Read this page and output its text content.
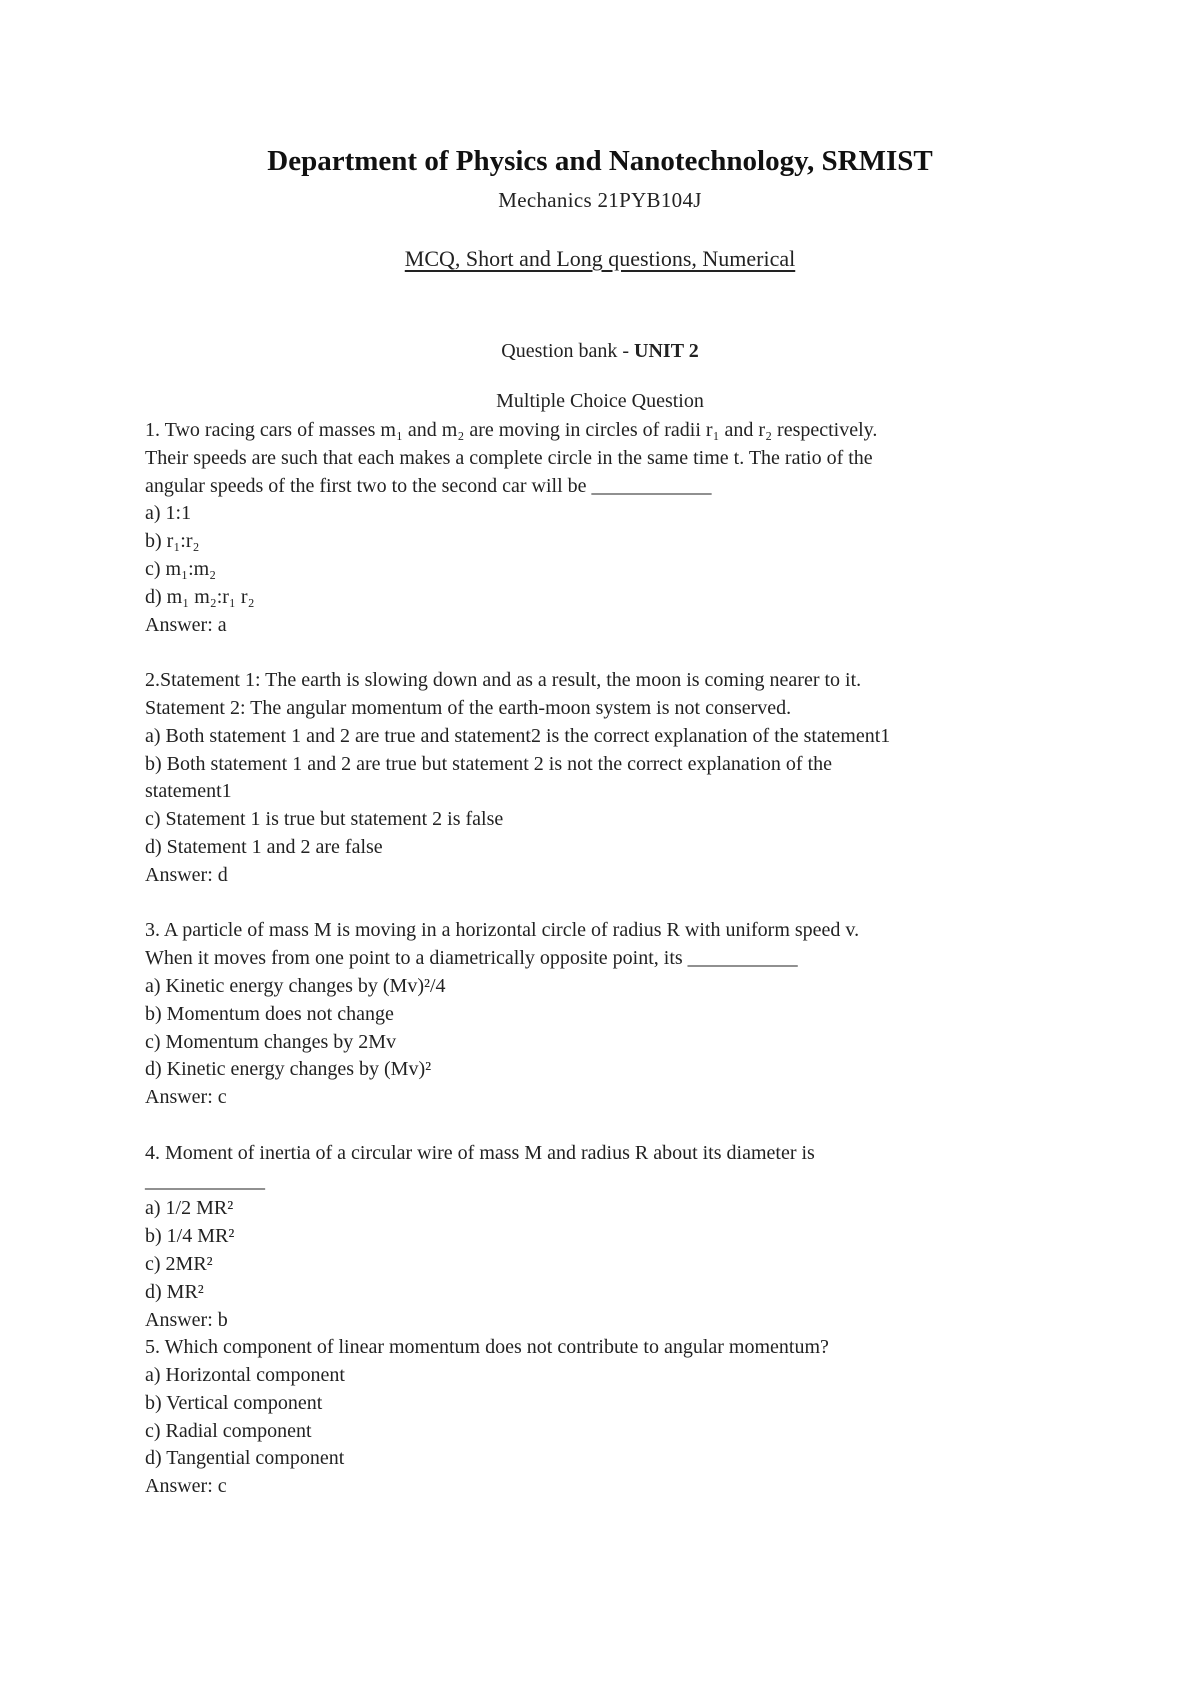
Department of Physics and Nanotechnology, SRMIST
Mechanics 21PYB104J
MCQ, Short and Long questions, Numerical
Question bank - UNIT 2
Multiple Choice Question
1. Two racing cars of masses m₁ and m₂ are moving in circles of radii r₁ and r₂ respectively.
Their speeds are such that each makes a complete circle in the same time t. The ratio of the
angular speeds of the first two to the second car will be ____________
a) 1:1
b) r₁:r₂
c) m₁:m₂
d) m₁ m₂:r₁ r₂
Answer: a
2.Statement 1: The earth is slowing down and as a result, the moon is coming nearer to it.
Statement 2: The angular momentum of the earth-moon system is not conserved.
a) Both statement 1 and 2 are true and statement2 is the correct explanation of the statement1
b) Both statement 1 and 2 are true but statement 2 is not the correct explanation of the
statement1
c) Statement 1 is true but statement 2 is false
d) Statement 1 and 2 are false
Answer: d
3. A particle of mass M is moving in a horizontal circle of radius R with uniform speed v.
When it moves from one point to a diametrically opposite point, its ___________
a) Kinetic energy changes by (Mv)²/4
b) Momentum does not change
c) Momentum changes by 2Mv
d) Kinetic energy changes by (Mv)²
Answer: c
4. Moment of inertia of a circular wire of mass M and radius R about its diameter is
____________
a) 1/2 MR²
b) 1/4 MR²
c) 2MR²
d) MR²
Answer: b
5. Which component of linear momentum does not contribute to angular momentum?
a) Horizontal component
b) Vertical component
c) Radial component
d) Tangential component
Answer: c
